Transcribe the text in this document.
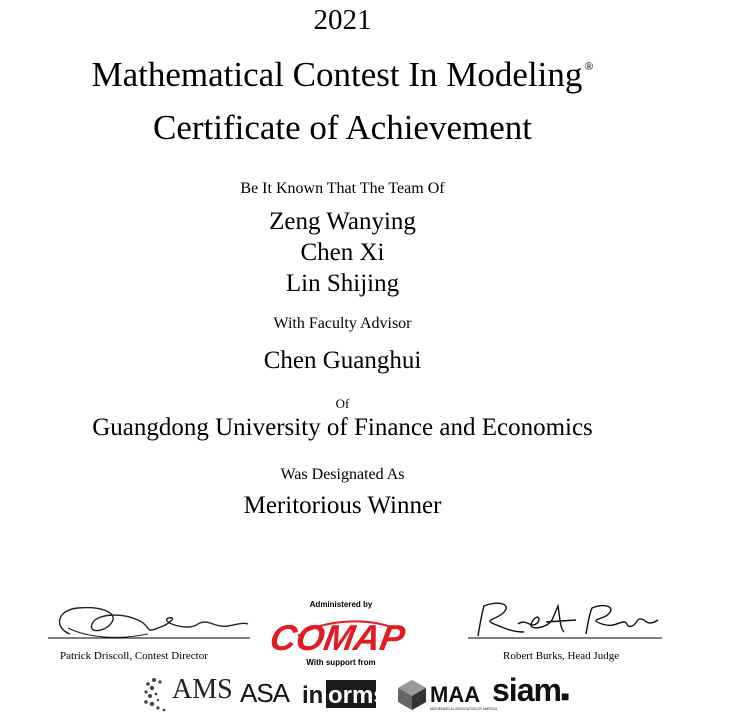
2021
Mathematical Contest In Modeling ®
Certificate of Achievement
Be It Known That The Team Of
Zeng Wanying
Chen Xi
Lin Shijing
With Faculty Advisor
Chen Guanghui
Of
Guangdong University of Finance and Economics
Was Designated As
Meritorious Winner
Patrick Driscoll, Contest Director	Robert Burks, Head Judge
Administered by
COMAP
With support from
AMS ASA in orms
informs
MAA
MATHEMATICAL ASSOCIATION OF AMERICA
siam■
